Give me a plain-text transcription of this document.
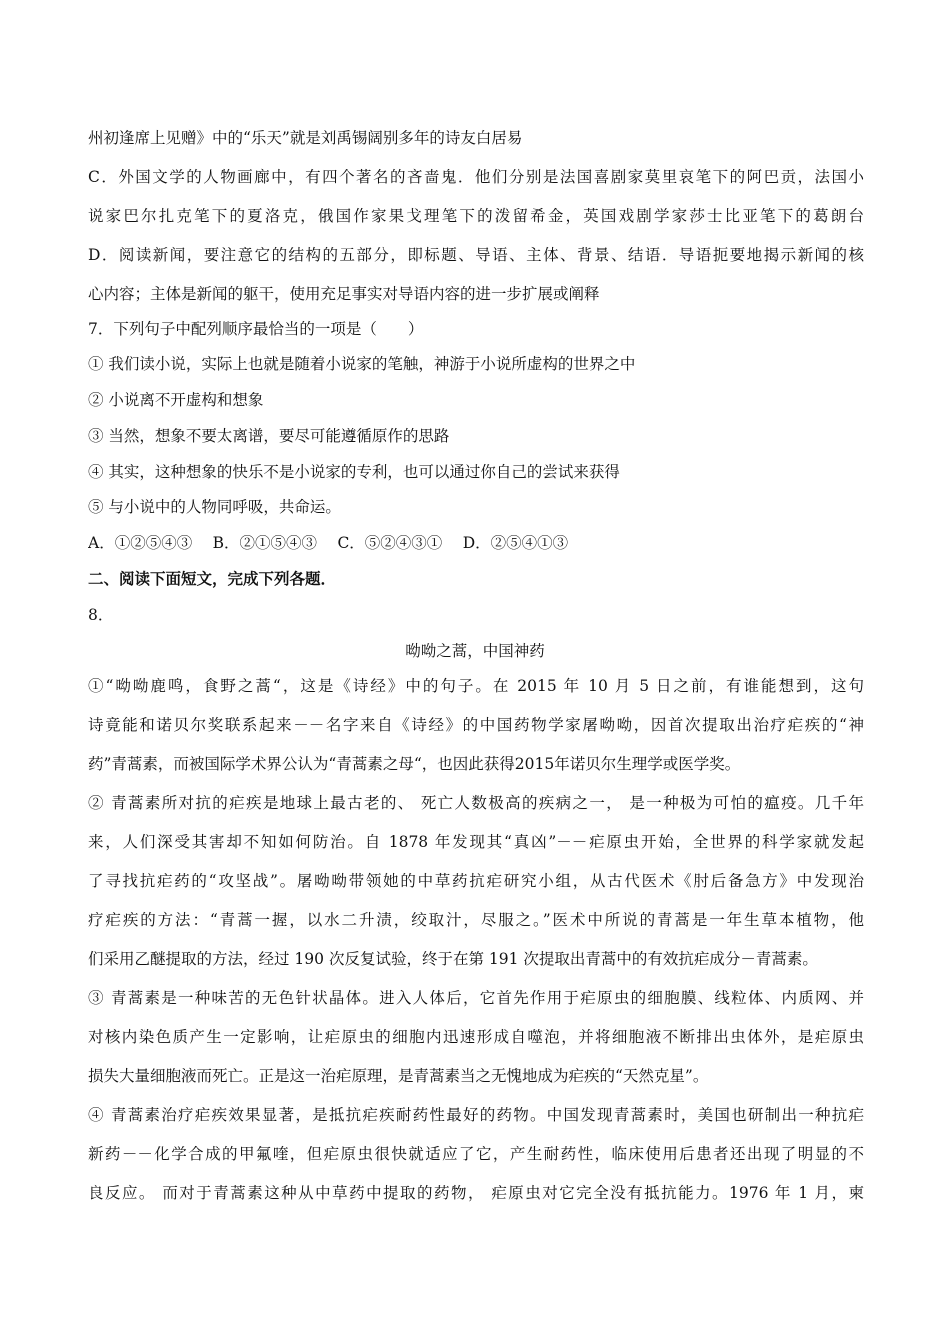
州初逢席上见赠》中的“乐天”就是刘禹锡阔别多年的诗友白居易
C．外国文学的人物画廊中，有四个著名的吝啬鬼．他们分别是法国喜剧家莫里哀笔下的阿巴贡，法国小
说家巴尔扎克笔下的夏洛克，俄国作家果戈理笔下的泼留希金，英国戏剧学家莎士比亚笔下的葛朗台
D．阅读新闻，要注意它的结构的五部分，即标题、导语、主体、背景、结语．导语扼要地揭示新闻的核
心内容；主体是新闻的躯干，使用充足事实对导语内容的进一步扩展或阐释
7．下列句子中配列顺序最恰当的一项是（　　）
① 我们读小说，实际上也就是随着小说家的笔触，神游于小说所虚构的世界之中
② 小说离不开虚构和想象
③ 当然，想象不要太离谱，要尽可能遵循原作的思路
④ 其实，这种想象的快乐不是小说家的专利，也可以通过你自己的尝试来获得
⑤ 与小说中的人物同呼吸，共命运。
A．①②⑤④③　 B．②①⑤④③　 C．⑤②④③①　 D．②⑤④①③
二、阅读下面短文，完成下列各题．
8．
呦呦之蒿，中国神药
①“呦呦鹿鸣，食野之蒿“，这是《诗经》中的句子。在 2015 年 10 月 5 日之前，有谁能想到，这句
诗竟能和诺贝尔奖联系起来－－名字来自《诗经》的中国药物学家屠呦呦，因首次提取出治疗疟疾的“神
药”青蒿素，而被国际学术界公认为“青蒿素之母“，也因此获得2015年诺贝尔生理学或医学奖。
② 青蒿素所对抗的疟疾是地球上最古老的、 死亡人数极高的疾病之一， 是一种极为可怕的瘟疫。几千年
来，人们深受其害却不知如何防治。自 1878 年发现其“真凶”－－疟原虫开始，全世界的科学家就发起
了寻找抗疟药的“攻坚战”。屠呦呦带领她的中草药抗疟研究小组，从古代医术《肘后备急方》中发现治
疗疟疾的方法：“青蒿一握，以水二升渍，绞取汁，尽服之。”医术中所说的青蒿是一年生草本植物，他
们采用乙醚提取的方法，经过 190 次反复试验，终于在第 191 次提取出青蒿中的有效抗疟成分－青蒿素。
③ 青蒿素是一种味苦的无色针状晶体。进入人体后，它首先作用于疟原虫的细胞膜、线粒体、内质网、并
对核内染色质产生一定影响，让疟原虫的细胞内迅速形成自噬泡，并将细胞液不断排出虫体外，是疟原虫
损失大量细胞液而死亡。正是这一治疟原理，是青蒿素当之无愧地成为疟疾的“天然克星”。
④ 青蒿素治疗疟疾效果显著，是抵抗疟疾耐药性最好的药物。中国发现青蒿素时，美国也研制出一种抗疟
新药－－化学合成的甲氟喹，但疟原虫很快就适应了它，产生耐药性，临床使用后患者还出现了明显的不
良反应。 而对于青蒿素这种从中草药中提取的药物， 疟原虫对它完全没有抵抗能力。1976 年 1 月，柬
